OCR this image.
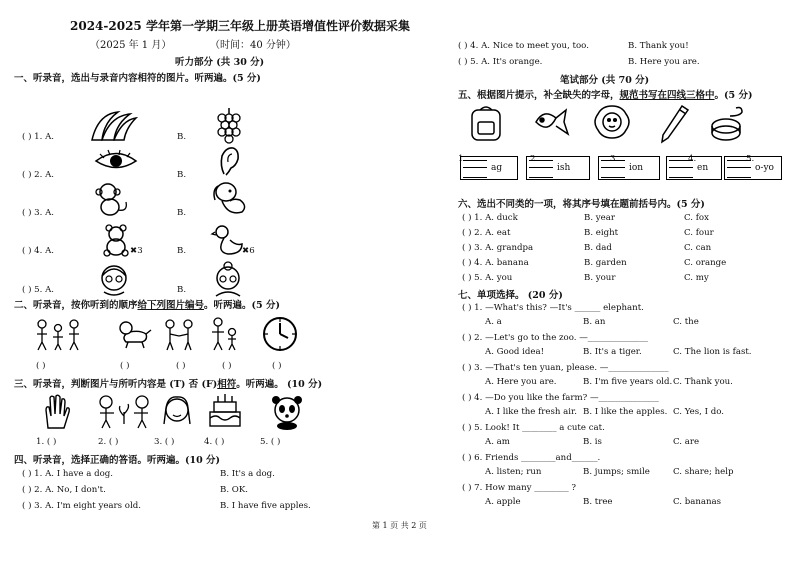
2024-2025 学年第一学期三年级上册英语增值性评价数据采集
（2025 年 1 月）	（时间：40 分钟）
听力部分 (共 30 分)
一、听录音，选出与录音内容相符的图片。听两遍。(5 分)
( ) 1. A.	B.
( ) 2. A.	B.
( ) 3. A.	B.
( ) 4. A.	✖3	B.	✖6
( ) 5. A.	B.
二、听录音，按你听到的顺序给下列图片编号。听两遍。(5 分)
( )	( )	( )	( )	( )
三、听录音，判断图片与所听内容是 (T) 否 (F)相符。听两遍。 (10 分)
1. ( )	2. ( )	3. ( )	4. ( )	5. ( )
四、听录音，选择正确的答语。听两遍。(10 分)
( ) 1. A. I have a dog.	B. It's a dog.
( ) 2. A. No, I don't.	B. OK.
( ) 3. A. I'm eight years old.	B. I have five apples.
( ) 4. A. Nice to meet you, too.	B. Thank you!
( ) 5. A. It's orange.	B. Here you are.
笔试部分 (共 70 分)
五、根据图片提示，补全缺失的字母，规范书写在四线三格中。(5 分)
1.	2.	3.	4.	5.
ag	ish	ion	en	o-yo
六、选出不同类的一项，将其序号填在题前括号内。(5 分)
( ) 1. A. duck	B. year	C. fox
( ) 2. A. eat	B. eight	C. four
( ) 3. A. grandpa	B. dad	C. can
( ) 4. A. banana	B. garden	C. orange
( ) 5. A. you	B. your	C. my
七、单项选择。 (20 分)
( ) 1. —What's this? —It's ______ elephant.
A. a	B. an	C. the
( ) 2. —Let's go to the zoo. —______________
A. Good idea!	B. It's a tiger.	C. The lion is fast.
( ) 3. —That's ten yuan, please. —______________
A. Here you are.	B. I'm five years old. C. Thank you.
( ) 4. —Do you like the farm? —______________
A. I like the fresh air. B. I like the apples. C. Yes, I do.
( ) 5. Look! It ________ a cute cat.
A. am	B. is	C. are
( ) 6. Friends ________and______.
A. listen; run	B. jumps; smile	C. share; help
( ) 7. How many ________ ?
A. apple	B. tree	C. bananas
第 1 页 共 2 页
